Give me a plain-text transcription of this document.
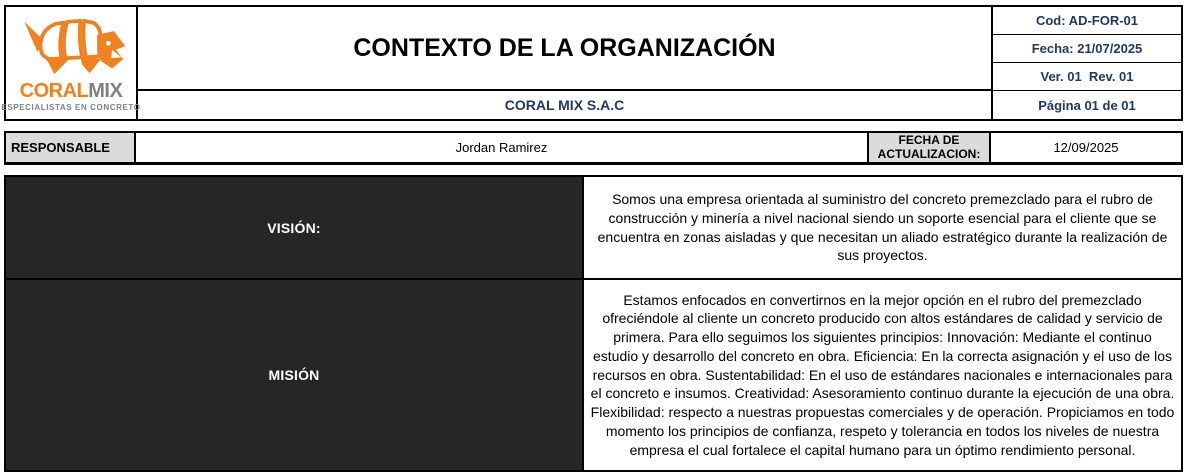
CORALMIX
ESPECIALISTAS EN CONCRETO
CONTEXTO DE LA ORGANIZACIÓN
CORAL MIX S.A.C
Cod: AD-FOR-01
Fecha: 21/07/2025
Ver. 01  Rev. 01
Página 01 de 01
RESPONSABLE	Jordan Ramirez
FECHA DE ACTUALIZACION:	12/09/2025
VISIÓN:
Somos una empresa orientada al suministro del concreto premezclado para el rubro de construcción y minería a nivel nacional siendo un soporte esencial para el cliente que se encuentra en zonas aisladas y que necesitan un aliado estratégico durante la realización de sus proyectos.
MISIÓN
Estamos enfocados en convertirnos en la mejor opción en el rubro del premezclado ofreciéndole al cliente un concreto producido con altos estándares de calidad y servicio de primera. Para ello seguimos los siguientes principios: Innovación: Mediante el continuo estudio y desarrollo del concreto en obra. Eficiencia: En la correcta asignación y el uso de los recursos en obra. Sustentabilidad: En el uso de estándares nacionales e internacionales para el concreto e insumos. Creatividad: Asesoramiento continuo durante la ejecución de una obra. Flexibilidad: respecto a nuestras propuestas comerciales y de operación. Propiciamos en todo momento los principios de confianza, respeto y tolerancia en todos los niveles de nuestra empresa el cual fortalece el capital humano para un óptimo rendimiento personal.
